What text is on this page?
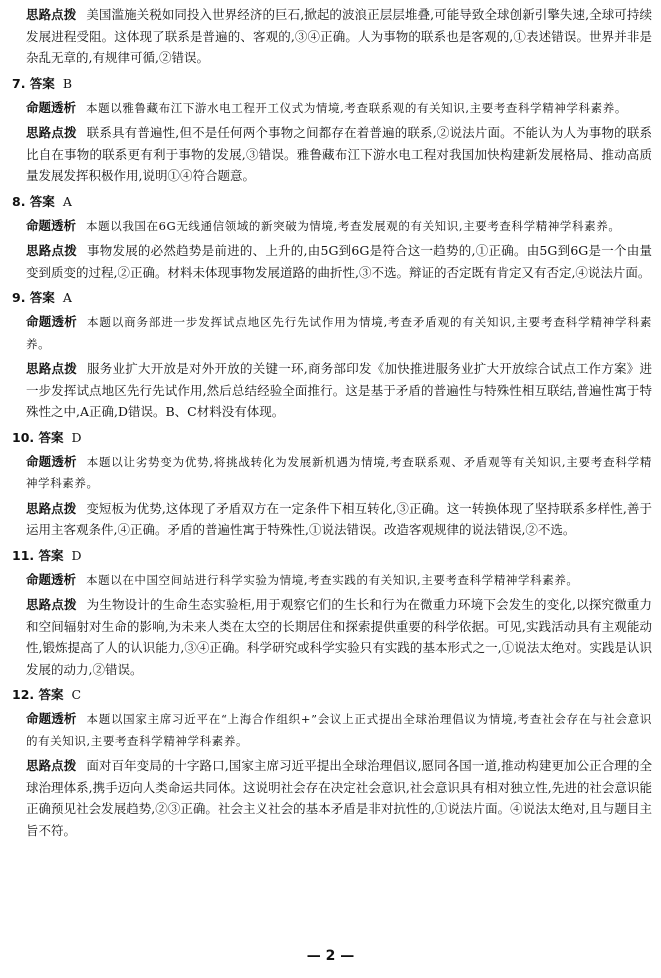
思路点拨 美国滥施关税如同投入世界经济的巨石,掀起的波浪正层层堆叠,可能导致全球创新引擎失速,全球可持续发展进程受阻。这体现了联系是普遍的、客观的,③④正确。人为事物的联系也是客观的,①表述错误。世界并非是杂乱无章的,有规律可循,②错误。

7. 答案 B

命题透析 本题以雅鲁藏布江下游水电工程开工仪式为情境,考查联系观的有关知识,主要考查科学精神学科素养。

思路点拨 联系具有普遍性,但不是任何两个事物之间都存在着普遍的联系,②说法片面。不能认为人为事物的联系比自在事物的联系更有利于事物的发展,③错误。雅鲁藏布江下游水电工程对我国加快构建新发展格局、推动高质量发展发挥积极作用,说明①④符合题意。

8. 答案 A

命题透析 本题以我国在6G无线通信领域的新突破为情境,考查发展观的有关知识,主要考查科学精神学科素养。

思路点拨 事物发展的必然趋势是前进的、上升的,由5G到6G是符合这一趋势的,①正确。由5G到6G是一个由量变到质变的过程,②正确。材料未体现事物发展道路的曲折性,③不选。辩证的否定既有肯定又有否定,④说法片面。

9. 答案 A

命题透析 本题以商务部进一步发挥试点地区先行先试作用为情境,考查矛盾观的有关知识,主要考查科学精神学科素养。

思路点拨 服务业扩大开放是对外开放的关键一环,商务部印发《加快推进服务业扩大开放综合试点工作方案》进一步发挥试点地区先行先试作用,然后总结经验全面推行。这是基于矛盾的普遍性与特殊性相互联结,普遍性寓于特殊性之中,A正确,D错误。B、C材料没有体现。

10. 答案 D

命题透析 本题以让劣势变为优势,将挑战转化为发展新机遇为情境,考查联系观、矛盾观等有关知识,主要考查科学精神学科素养。

思路点拨 变短板为优势,这体现了矛盾双方在一定条件下相互转化,③正确。这一转换体现了坚持联系多样性,善于运用主客观条件,④正确。矛盾的普遍性寓于特殊性,①说法错误。改造客观规律的说法错误,②不选。

11. 答案 D

命题透析 本题以在中国空间站进行科学实验为情境,考查实践的有关知识,主要考查科学精神学科素养。

思路点拨 为生物设计的生命生态实验柜,用于观察它们的生长和行为在微重力环境下会发生的变化,以探究微重力和空间辐射对生命的影响,为未来人类在太空的长期居住和探索提供重要的科学依据。可见,实践活动具有主观能动性,锻炼提高了人的认识能力,③④正确。科学研究或科学实验只有实践的基本形式之一,①说法太绝对。实践是认识发展的动力,②错误。

12. 答案 C

命题透析 本题以国家主席习近平在“上海合作组织+”会议上正式提出全球治理倡议为情境,考查社会存在与社会意识的有关知识,主要考查科学精神学科素养。

思路点拨 面对百年变局的十字路口,国家主席习近平提出全球治理倡议,愿同各国一道,推动构建更加公正合理的全球治理体系,携手迈向人类命运共同体。这说明社会存在决定社会意识,社会意识具有相对独立性,先进的社会意识能正确预见社会发展趋势,②③正确。社会主义社会的基本矛盾是非对抗性的,①说法片面。④说法太绝对,且与题目主旨不符。

— 2 —
